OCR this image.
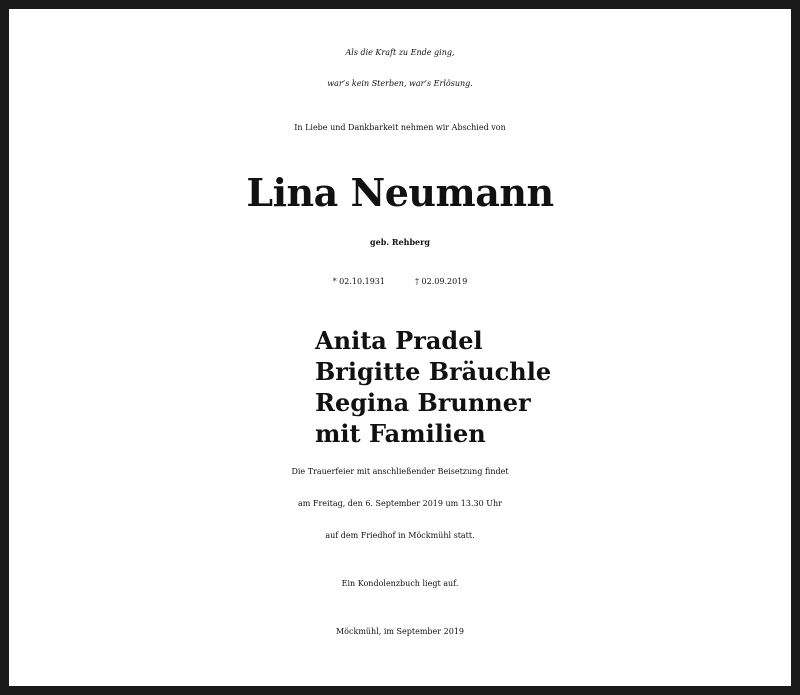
Als die Kraft zu Ende ging,
war’s kein Sterben, war’s Erlösung.
In Liebe und Dankbarkeit nehmen wir Abschied von
Lina Neumann
geb. Rehberg
* 02.10.1931	† 02.09.2019
Anita Pradel
Brigitte Bräuchle
Regina Brunner
mit Familien
Die Trauerfeier mit anschließender Beisetzung findet
am Freitag, den 6. September 2019 um 13.30 Uhr
auf dem Friedhof in Möckmühl statt.
Ein Kondolenzbuch liegt auf.
Möckmühl, im September 2019
